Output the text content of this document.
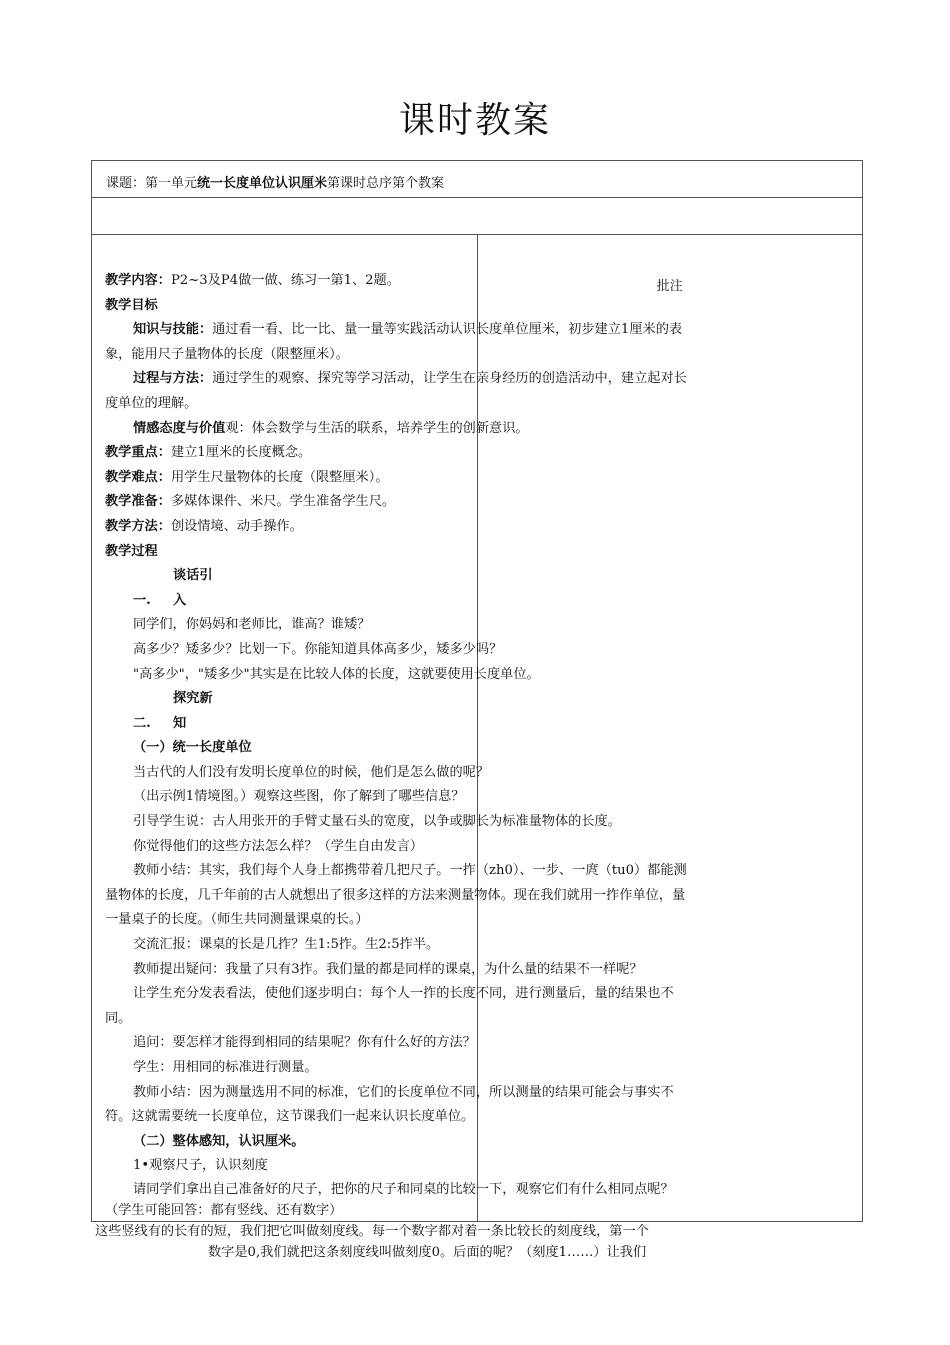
课时教案
课题：第一单元统一长度单位认识厘米第课时总序第个教案

教学内容：P2~3及P4做一做、练习一第1、2题。

教学目标

知识与技能：通过看一看、比一比、量一量等实践活动认识长度单位厘米，初步建立1厘米的表象，能用尺子量物体的长度（限整厘米）。

过程与方法：通过学生的观察、探究等学习活动，让学生在亲身经历的创造活动中，建立起对长度单位的理解。

情感态度与价值观：体会数学与生活的联系，培养学生的创新意识。

教学重点：建立1厘米的长度概念。

教学难点：用学生尺量物体的长度（限整厘米）。

教学准备：多媒体课件、米尺。学生准备学生尺。

教学方法：创设情境、动手操作。

教学过程

一.谈话引入

同学们，你妈妈和老师比，谁高？谁矮？

高多少？矮多少？比划一下。你能知道具体高多少，矮多少吗？

"高多少"，"矮多少"其实是在比较人体的长度，这就要使用长度单位。

二.探究新知

（一）统一长度单位

当古代的人们没有发明长度单位的时候，他们是怎么做的呢？

（出示例1情境图。）观察这些图，你了解到了哪些信息？

引导学生说：古人用张开的手臂丈量石头的宽度，以争或脚长为标准量物体的长度。

你觉得他们的这些方法怎么样？（学生自由发言）

教师小结：其实，我们每个人身上都携带着几把尺子。一拃（zh0）、一步、一庹（tu0）都能测量物体的长度，几千年前的古人就想出了很多这样的方法来测量物体。现在我们就用一拃作单位，量一量桌子的长度。（师生共同测量课桌的长。）

交流汇报：课桌的长是几拃？生1:5拃。生2:5拃半。

教师提出疑问：我量了只有3拃。我们量的都是同样的课桌，为什么量的结果不一样呢？

让学生充分发表看法，使他们逐步明白：每个人一拃的长度不同，进行测量后，量的结果也不同。

追问：要怎样才能得到相同的结果呢？你有什么好的方法？

学生：用相同的标准进行测量。

教师小结：因为测量选用不同的标准，它们的长度单位不同，所以测量的结果可能会与事实不符。这就需要统一长度单位，这节课我们一起来认识长度单位。

（二）整体感知，认识厘米。

1•观察尺子，认识刻度

请同学们拿出自己准备好的尺子，把你的尺子和同桌的比较一下，观察它们有什么相同点呢？（学生可能回答：都有竖线、还有数字）

这些竖线有的长有的短，我们把它叫做刻度线。每一个数字都对着一条比较长的刻度线，第一个

数字是0,我们就把这条刻度线叫做刻度0。后面的呢？（刻度1……）让我们

批注
